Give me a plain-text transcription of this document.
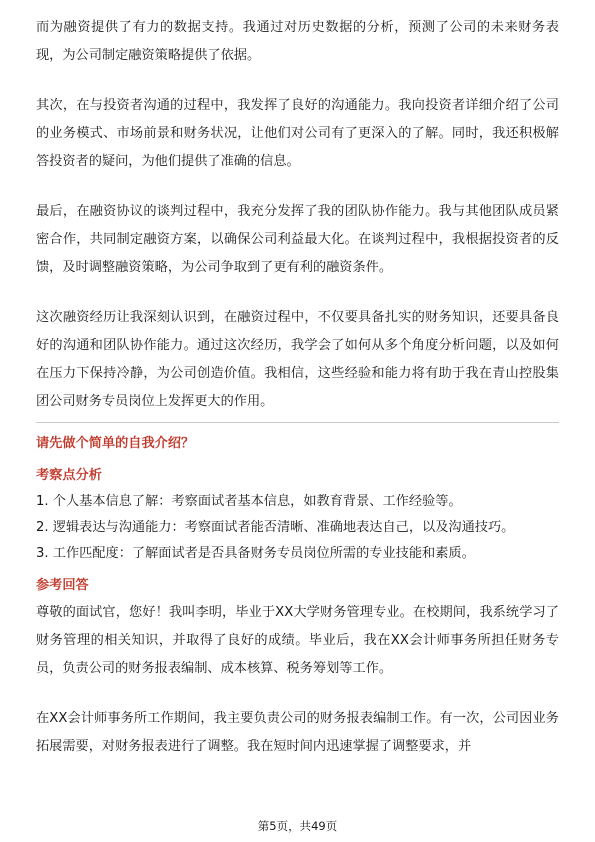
而为融资提供了有力的数据支持。我通过对历史数据的分析，预测了公司的未来财务表现，为公司制定融资策略提供了依据。

其次，在与投资者沟通的过程中，我发挥了良好的沟通能力。我向投资者详细介绍了公司的业务模式、市场前景和财务状况，让他们对公司有了更深入的了解。同时，我还积极解答投资者的疑问，为他们提供了准确的信息。

最后，在融资协议的谈判过程中，我充分发挥了我的团队协作能力。我与其他团队成员紧密合作，共同制定融资方案，以确保公司利益最大化。在谈判过程中，我根据投资者的反馈，及时调整融资策略，为公司争取到了更有利的融资条件。

这次融资经历让我深刻认识到，在融资过程中，不仅要具备扎实的财务知识，还要具备良好的沟通和团队协作能力。通过这次经历，我学会了如何从多个角度分析问题，以及如何在压力下保持冷静，为公司创造价值。我相信，这些经验和能力将有助于我在青山控股集团公司财务专员岗位上发挥更大的作用。

请先做个简单的自我介绍？

考察点分析

1. 个人基本信息了解：考察面试者基本信息，如教育背景、工作经验等。

2. 逻辑表达与沟通能力：考察面试者能否清晰、准确地表达自己，以及沟通技巧。

3. 工作匹配度：了解面试者是否具备财务专员岗位所需的专业技能和素质。

参考回答

尊敬的面试官，您好！我叫李明，毕业于XX大学财务管理专业。在校期间，我系统学习了财务管理的相关知识，并取得了良好的成绩。毕业后，我在XX会计师事务所担任财务专员，负责公司的财务报表编制、成本核算、税务筹划等工作。

在XX会计师事务所工作期间，我主要负责公司的财务报表编制工作。有一次，公司因业务拓展需要，对财务报表进行了调整。我在短时间内迅速掌握了调整要求，并

第5页，共49页
